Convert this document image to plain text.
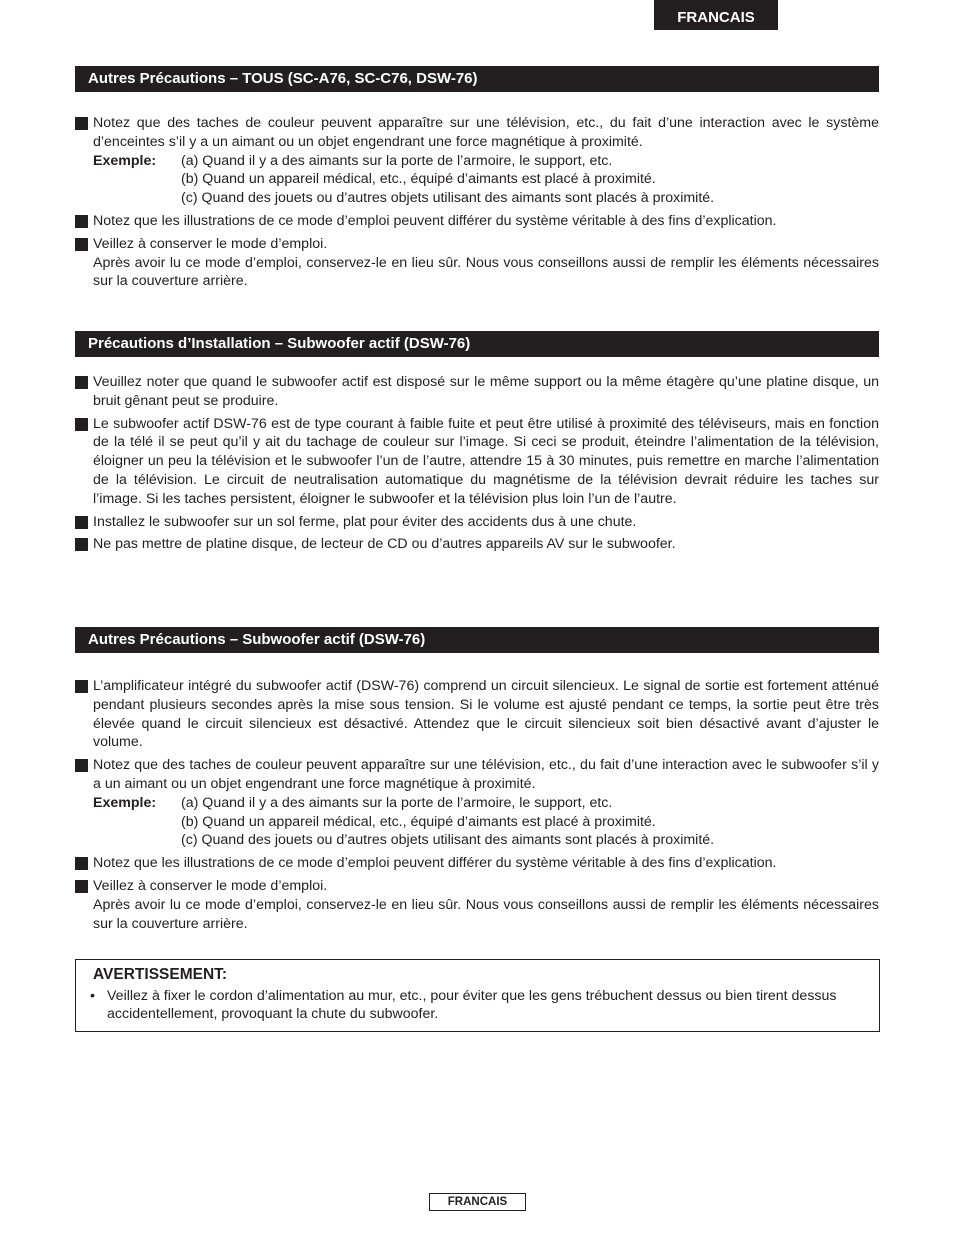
FRANCAIS
Autres Précautions – TOUS (SC-A76, SC-C76, DSW-76)

Notez que des taches de couleur peuvent apparaître sur une télévision, etc., du fait d’une interaction avec le système d’enceintes s’il y a un aimant ou un objet engendrant une force magnétique à proximité.

Exemple:	(a) Quand il y a des aimants sur la porte de l’armoire, le support, etc.
(b) Quand un appareil médical, etc., équipé d’aimants est placé à proximité.
(c) Quand des jouets ou d’autres objets utilisant des aimants sont placés à proximité.

Notez que les illustrations de ce mode d’emploi peuvent différer du système véritable à des fins d’explication.

Veillez à conserver le mode d’emploi.

Après avoir lu ce mode d’emploi, conservez-le en lieu sûr. Nous vous conseillons aussi de remplir les éléments nécessaires sur la couverture arrière.

Précautions d’Installation – Subwoofer actif (DSW-76)

Veuillez noter que quand le subwoofer actif est disposé sur le même support ou la même étagère qu’une platine disque, un bruit gênant peut se produire.

Le subwoofer actif DSW-76 est de type courant à faible fuite et peut être utilisé à proximité des téléviseurs, mais en fonction de la télé il se peut qu’il y ait du tachage de couleur sur l’image. Si ceci se produit, éteindre l’alimentation de la télévision, éloigner un peu la télévision et le subwoofer l’un de l’autre, attendre 15 à 30 minutes, puis remettre en marche l’alimentation de la télévision. Le circuit de neutralisation automatique du magnétisme de la télévision devrait réduire les taches sur l’image. Si les taches persistent, éloigner le subwoofer et la télévision plus loin l’un de l’autre.

Installez le subwoofer sur un sol ferme, plat pour éviter des accidents dus à une chute.

Ne pas mettre de platine disque, de lecteur de CD ou d’autres appareils AV sur le subwoofer.

Autres Précautions – Subwoofer actif (DSW-76)

L’amplificateur intégré du subwoofer actif (DSW-76) comprend un circuit silencieux. Le signal de sortie est fortement atténué pendant plusieurs secondes après la mise sous tension. Si le volume est ajusté pendant ce temps, la sortie peut être très élevée quand le circuit silencieux est désactivé. Attendez que le circuit silencieux soit bien désactivé avant d’ajuster le volume.

Notez que des taches de couleur peuvent apparaître sur une télévision, etc., du fait d’une interaction avec le subwoofer s’il y a un aimant ou un objet engendrant une force magnétique à proximité.

Exemple:	(a) Quand il y a des aimants sur la porte de l’armoire, le support, etc.
(b) Quand un appareil médical, etc., équipé d’aimants est placé à proximité.
(c) Quand des jouets ou d’autres objets utilisant des aimants sont placés à proximité.

Notez que les illustrations de ce mode d’emploi peuvent différer du système véritable à des fins d’explication.

Veillez à conserver le mode d’emploi.

Après avoir lu ce mode d’emploi, conservez-le en lieu sûr. Nous vous conseillons aussi de remplir les éléments nécessaires sur la couverture arrière.

AVERTISSEMENT:
• Veillez à fixer le cordon d’alimentation au mur, etc., pour éviter que les gens trébuchent dessus ou bien tirent dessus accidentellement, provoquant la chute du subwoofer.
FRANCAIS
